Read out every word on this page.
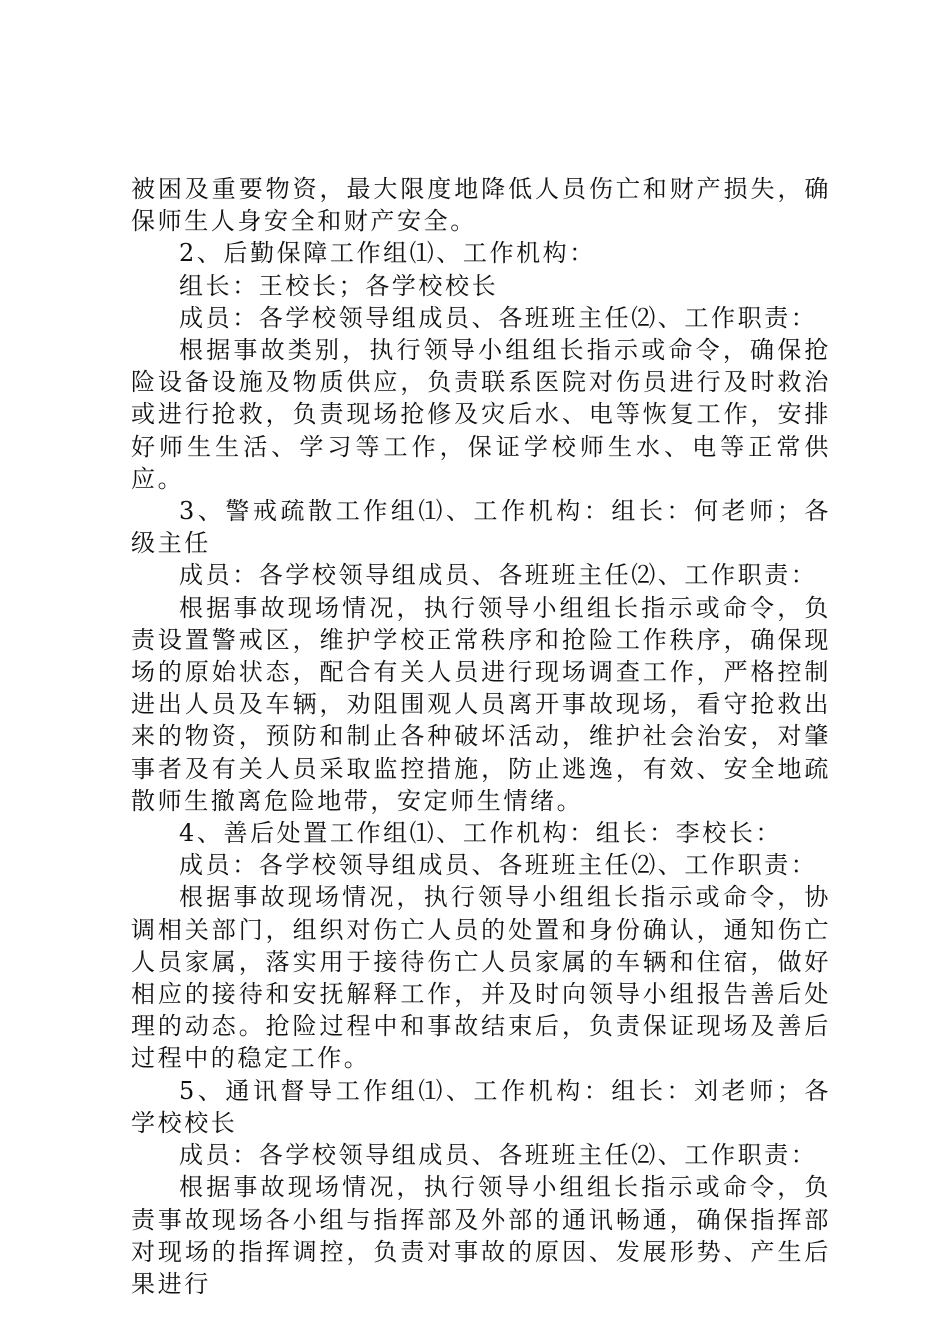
被困及重要物资，最大限度地降低人员伤亡和财产损失，确保师生人身安全和财产安全。

2、后勤保障工作组⑴、工作机构：

组长：王校长；各学校校长

成员：各学校领导组成员、各班班主任⑵、工作职责：

根据事故类别，执行领导小组组长指示或命令，确保抢险设备设施及物质供应，负责联系医院对伤员进行及时救治或进行抢救，负责现场抢修及灾后水、电等恢复工作，安排好师生生活、学习等工作，保证学校师生水、电等正常供应。

3、警戒疏散工作组⑴、工作机构：组长：何老师；各级主任

成员：各学校领导组成员、各班班主任⑵、工作职责：

根据事故现场情况，执行领导小组组长指示或命令，负责设置警戒区，维护学校正常秩序和抢险工作秩序，确保现场的原始状态，配合有关人员进行现场调查工作，严格控制进出人员及车辆，劝阻围观人员离开事故现场，看守抢救出来的物资，预防和制止各种破坏活动，维护社会治安，对肇事者及有关人员采取监控措施，防止逃逸，有效、安全地疏散师生撤离危险地带，安定师生情绪。

4、善后处置工作组⑴、工作机构：组长：李校长：

成员：各学校领导组成员、各班班主任⑵、工作职责：

根据事故现场情况，执行领导小组组长指示或命令，协调相关部门，组织对伤亡人员的处置和身份确认，通知伤亡人员家属，落实用于接待伤亡人员家属的车辆和住宿，做好相应的接待和安抚解释工作，并及时向领导小组报告善后处理的动态。抢险过程中和事故结束后，负责保证现场及善后过程中的稳定工作。

5、通讯督导工作组⑴、工作机构：组长：刘老师；各学校校长

成员：各学校领导组成员、各班班主任⑵、工作职责：

根据事故现场情况，执行领导小组组长指示或命令，负责事故现场各小组与指挥部及外部的通讯畅通，确保指挥部对现场的指挥调控，负责对事故的原因、发展形势、产生后果进行
